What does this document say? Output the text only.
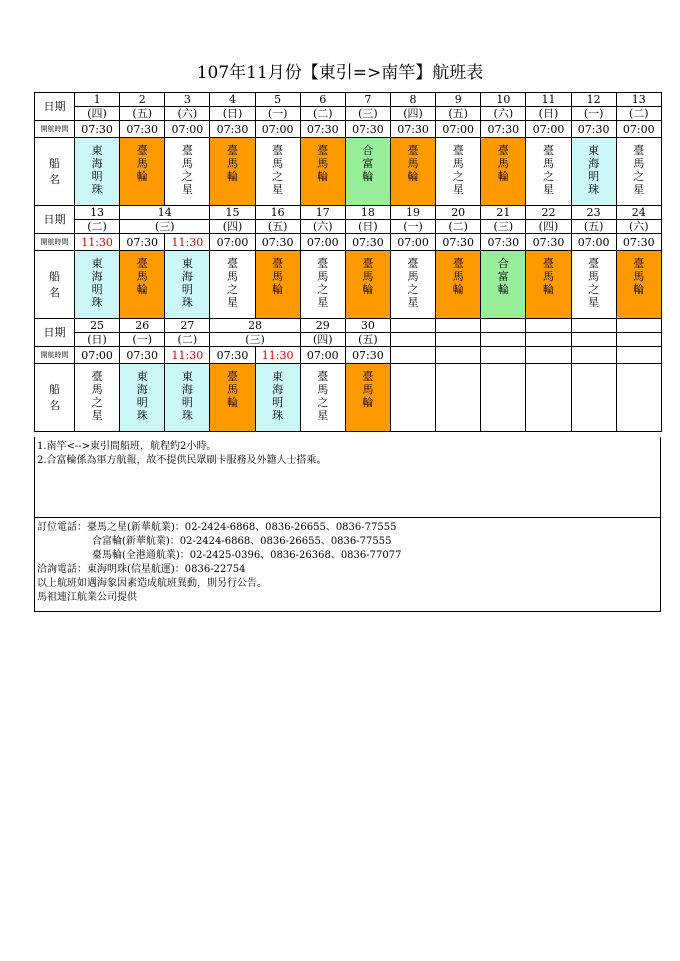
107年11月份【東引=>南竿】航班表
日期	1	2	3	4	5	6	7	8	9	10	11	12	13
	(四)	(五)	(六)	(日)	(一)	(二)	(三)	(四)	(五)	(六)	(日)	(一)	(二)
開航時間	07:30	07:30	07:00	07:30	07:00	07:30	07:30	07:30	07:00	07:30	07:00	07:30	07:00
船名	東海明珠	臺馬輪	臺馬之星	臺馬輪	臺馬之星	臺馬輪	合富輪	臺馬輪	臺馬之星	臺馬輪	臺馬之星	東海明珠	臺馬之星
日期	13	14		15	16	17	18	19	20	21	22	23	24
	(二)	(三)		(四)	(五)	(六)	(日)	(一)	(二)	(三)	(四)	(五)	(六)
開航時間	11:30	07:30	11:30	07:00	07:30	07:00	07:30	07:00	07:30	07:30	07:30	07:00	07:30
船名	東海明珠	臺馬輪	東海明珠	臺馬之星	臺馬輪	臺馬之星	臺馬輪	臺馬之星	臺馬輪	合富輪	臺馬輪	臺馬之星	臺馬輪
日期	25	26	27	28		29	30						
	(日)	(一)	(二)	(三)		(四)	(五)						
開航時間	07:00	07:30	11:30	07:30	11:30	07:00	07:30						
船名	臺馬之星	東海明珠	東海明珠	臺馬輪	東海明珠	臺馬之星	臺馬輪						
1.南竿<-->東引間船班，航程約2小時。
2.合富輪係為軍方航報，故不提供民眾刷卡服務及外籍人士搭乘。
訂位電話：臺馬之星(新華航業)：02-2424-6868、0836-26655、0836-77555
合富輪(新華航業)：02-2424-6868、0836-26655、0836-77555
臺馬輪(全港通航業)：02-2425-0396、0836-26368、0836-77077
洽詢電話：東海明珠(信星航運)：0836-22754
以上航班如遇海象因素造成航班異動，則另行公告。
馬祖連江航業公司提供
